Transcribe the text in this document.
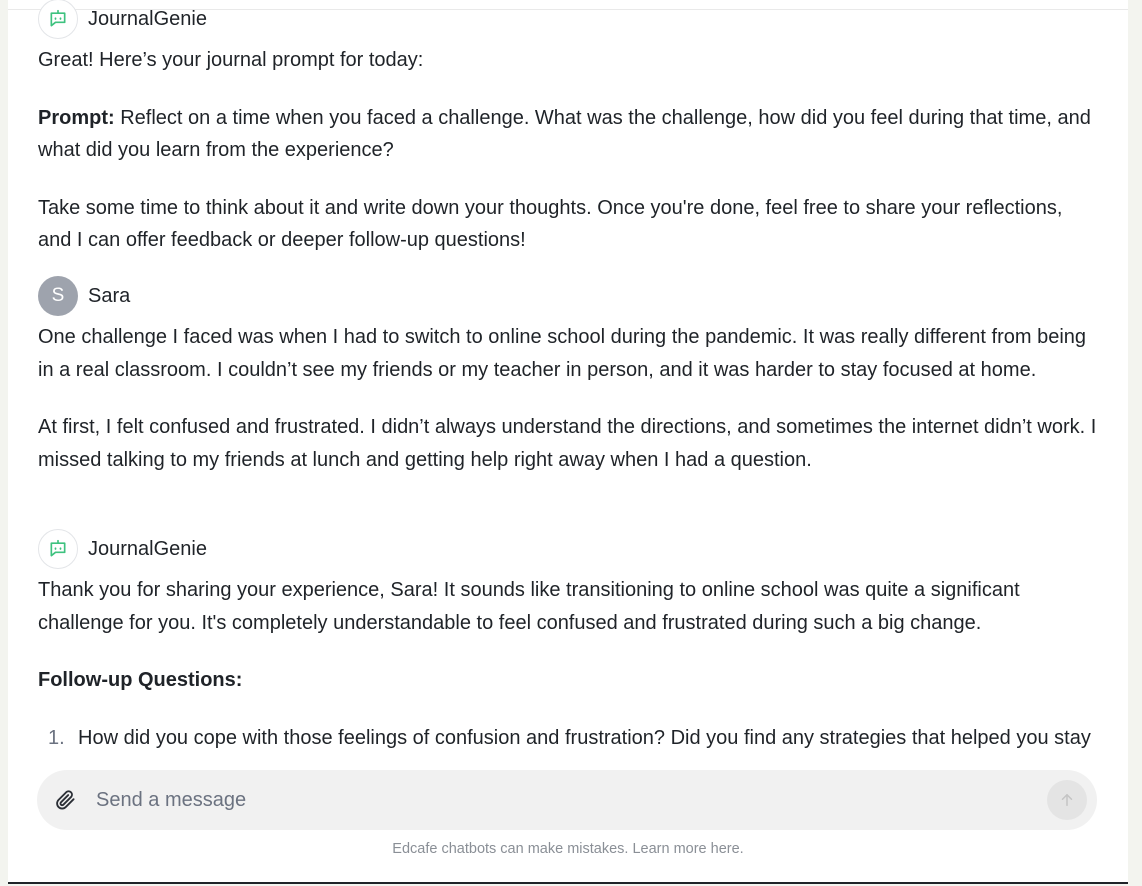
JournalGenie

Great! Here’s your journal prompt for today:

Prompt: Reflect on a time when you faced a challenge. What was the challenge, how did you feel during that time, and what did you learn from the experience?

Take some time to think about it and write down your thoughts. Once you're done, feel free to share your reflections, and I can offer feedback or deeper follow-up questions!

S	Sara

One challenge I faced was when I had to switch to online school during the pandemic. It was really different from being in a real classroom. I couldn’t see my friends or my teacher in person, and it was harder to stay focused at home.

At first, I felt confused and frustrated. I didn’t always understand the directions, and sometimes the internet didn’t work. I missed talking to my friends at lunch and getting help right away when I had a question.

JournalGenie

Thank you for sharing your experience, Sara! It sounds like transitioning to online school was quite a significant challenge for you. It's completely understandable to feel confused and frustrated during such a big change.

Follow-up Questions:

1. How did you cope with those feelings of confusion and frustration? Did you find any strategies that helped you stay
Send a message
Edcafe chatbots can make mistakes. Learn more here.
